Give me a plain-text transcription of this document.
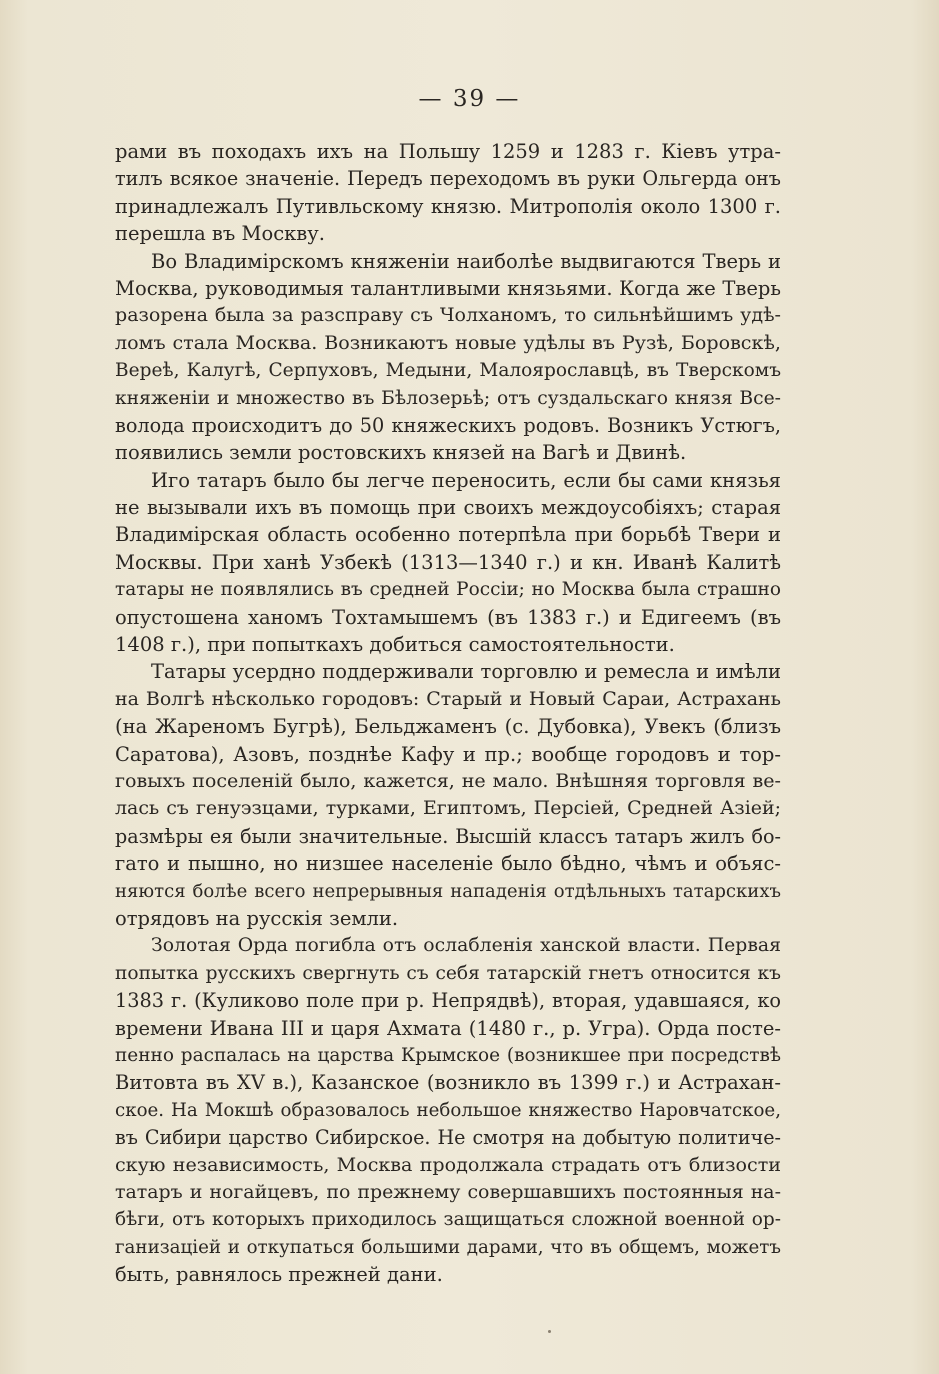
— 39 —
рами въ походахъ ихъ на Польшу 1259 и 1283 г. Кіевъ утра-
тилъ всякое значеніе. Передъ переходомъ въ руки Ольгерда онъ
принадлежалъ Путивльскому князю. Митрополія около 1300 г.
перешла въ Москву.
Во Владимірскомъ княженіи наиболѣе выдвигаются Тверь и
Москва, руководимыя талантливыми князьями. Когда же Тверь
разорена была за разсправу съ Чолханомъ, то сильнѣйшимъ удѣ-
ломъ стала Москва. Возникаютъ новые удѣлы въ Рузѣ, Боровскѣ,
Вереѣ, Калугѣ, Серпуховъ, Медыни, Малоярославцѣ, въ Тверскомъ
княженіи и множество въ Бѣлозерьѣ; отъ суздальскаго князя Все-
волода происходитъ до 50 княжескихъ родовъ. Возникъ Устюгъ,
появились земли ростовскихъ князей на Вагѣ и Двинѣ.
Иго татаръ было бы легче переносить, если бы сами князья
не вызывали ихъ въ помощь при своихъ междоусобіяхъ; старая
Владимірская область особенно потерпѣла при борьбѣ Твери и
Москвы. При ханѣ Узбекѣ (1313—1340 г.) и кн. Иванѣ Калитѣ
татары не появлялись въ средней Россіи; но Москва была страшно
опустошена ханомъ Тохтамышемъ (въ 1383 г.) и Едигеемъ (въ
1408 г.), при попыткахъ добиться самостоятельности.
Татары усердно поддерживали торговлю и ремесла и имѣли
на Волгѣ нѣсколько городовъ: Старый и Новый Сараи, Астрахань
(на Жареномъ Бугрѣ), Бельджаменъ (с. Дубовка), Увекъ (близъ
Саратова), Азовъ, позднѣе Кафу и пр.; вообще городовъ и тор-
говыхъ поселеній было, кажется, не мало. Внѣшняя торговля ве-
лась съ генуэзцами, турками, Египтомъ, Персіей, Средней Азіей;
размѣры ея были значительные. Высшій классъ татаръ жилъ бо-
гато и пышно, но низшее населеніе было бѣдно, чѣмъ и объяс-
няются болѣе всего непрерывныя нападенія отдѣльныхъ татарскихъ
отрядовъ на русскія земли.
Золотая Орда погибла отъ ослабленія ханской власти. Первая
попытка русскихъ свергнуть съ себя татарскій гнетъ относится къ
1383 г. (Куликово поле при р. Непрядвѣ), вторая, удавшаяся, ко
времени Ивана III и царя Ахмата (1480 г., р. Угра). Орда посте-
пенно распалась на царства Крымское (возникшее при посредствѣ
Витовта въ XV в.), Казанское (возникло въ 1399 г.) и Астрахан-
ское. На Мокшѣ образовалось небольшое княжество Наровчатское,
въ Сибири царство Сибирское. Не смотря на добытую политиче-
скую независимость, Москва продолжала страдать отъ близости
татаръ и ногайцевъ, по прежнему совершавшихъ постоянныя на-
бѣги, отъ которыхъ приходилось защищаться сложной военной ор-
ганизаціей и откупаться большими дарами, что въ общемъ, можетъ
быть, равнялось прежней дани.
